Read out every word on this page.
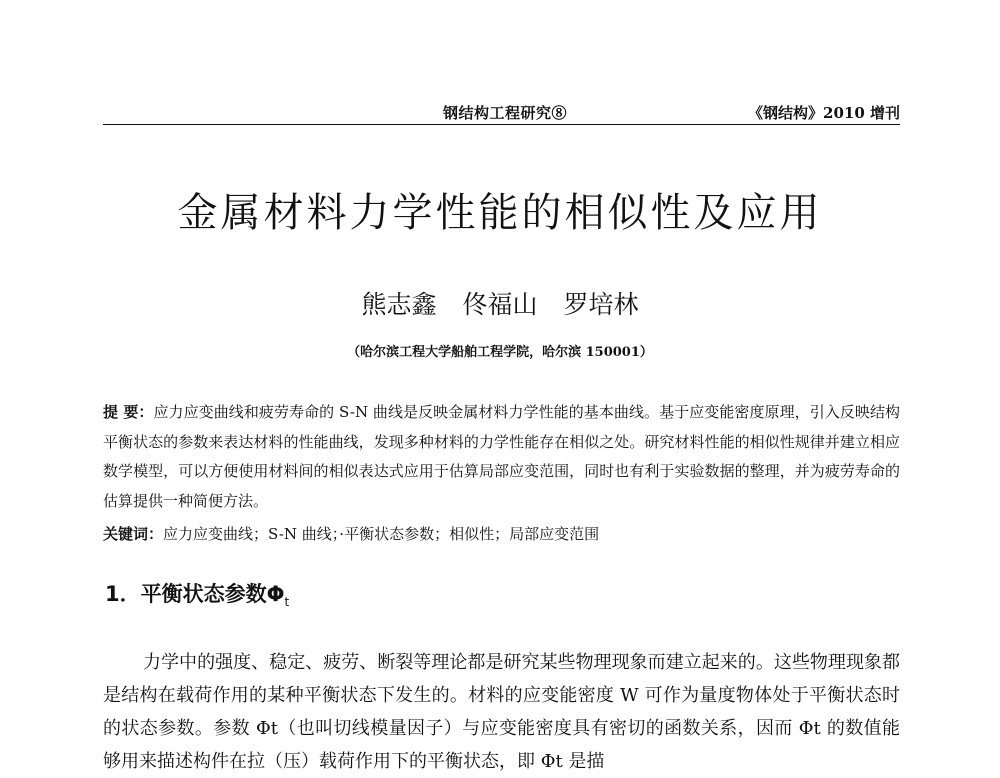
钢结构工程研究⑧	《钢结构》2010 增刊
金属材料力学性能的相似性及应用
熊志鑫 佟福山 罗培林
（哈尔滨工程大学船舶工程学院，哈尔滨 150001）
提 要：应力应变曲线和疲劳寿命的 S-N 曲线是反映金属材料力学性能的基本曲线。基于应变能密度原理，引入反映结构平衡状态的参数来表达材料的性能曲线，发现多种材料的力学性能存在相似之处。研究材料性能的相似性规律并建立相应数学模型，可以方便使用材料间的相似表达式应用于估算局部应变范围，同时也有利于实验数据的整理，并为疲劳寿命的估算提供一种简便方法。
关键词：应力应变曲线；S-N 曲线；·平衡状态参数；相似性；局部应变范围
1．平衡状态参数$\Phi_t$
力学中的强度、稳定、疲劳、断裂等理论都是研究某些物理现象而建立起来的。这些物理现象都是结构在载荷作用的某种平衡状态下发生的。材料的应变能密度 W 可作为量度物体处于平衡状态时的状态参数。参数 Φt（也叫切线模量因子）与应变能密度具有密切的函数关系，因而 Φt 的数值能够用来描述构件在拉（压）载荷作用下的平衡状态，即 Φt 是描
